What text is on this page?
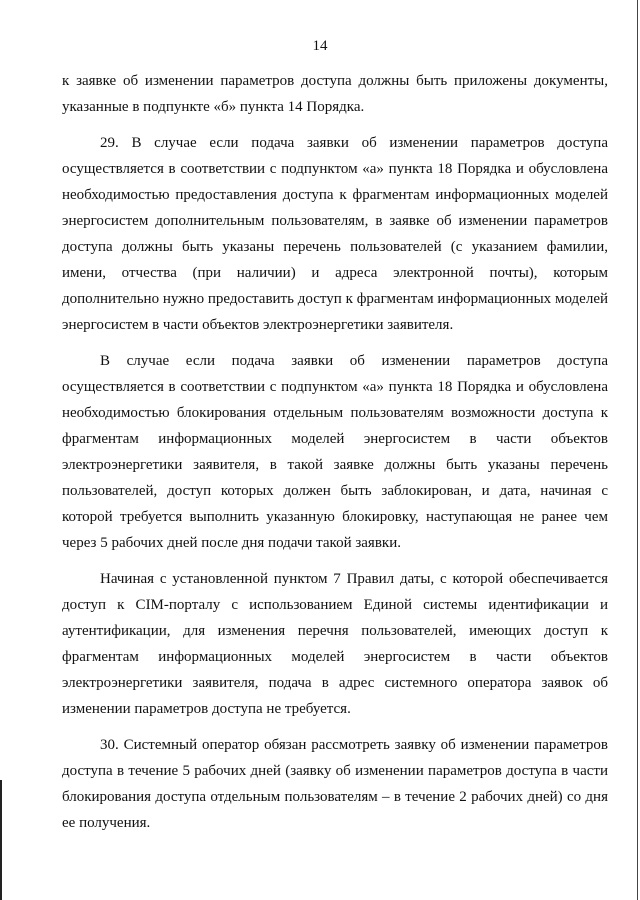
14

к заявке об изменении параметров доступа должны быть приложены документы, указанные в подпункте «б» пункта 14 Порядка.

29. В случае если подача заявки об изменении параметров доступа осуществляется в соответствии с подпунктом «а» пункта 18 Порядка и обусловлена необходимостью предоставления доступа к фрагментам информационных моделей энергосистем дополнительным пользователям, в заявке об изменении параметров доступа должны быть указаны перечень пользователей (с указанием фамилии, имени, отчества (при наличии) и адреса электронной почты), которым дополнительно нужно предоставить доступ к фрагментам информационных моделей энергосистем в части объектов электроэнергетики заявителя.

В случае если подача заявки об изменении параметров доступа осуществляется в соответствии с подпунктом «а» пункта 18 Порядка и обусловлена необходимостью блокирования отдельным пользователям возможности доступа к фрагментам информационных моделей энергосистем в части объектов электроэнергетики заявителя, в такой заявке должны быть указаны перечень пользователей, доступ которых должен быть заблокирован, и дата, начиная с которой требуется выполнить указанную блокировку, наступающая не ранее чем через 5 рабочих дней после дня подачи такой заявки.

Начиная с установленной пунктом 7 Правил даты, с которой обеспечивается доступ к CIM-порталу с использованием Единой системы идентификации и аутентификации, для изменения перечня пользователей, имеющих доступ к фрагментам информационных моделей энергосистем в части объектов электроэнергетики заявителя, подача в адрес системного оператора заявок об изменении параметров доступа не требуется.

30. Системный оператор обязан рассмотреть заявку об изменении параметров доступа в течение 5 рабочих дней (заявку об изменении параметров доступа в части блокирования доступа отдельным пользователям – в течение 2 рабочих дней) со дня ее получения.
